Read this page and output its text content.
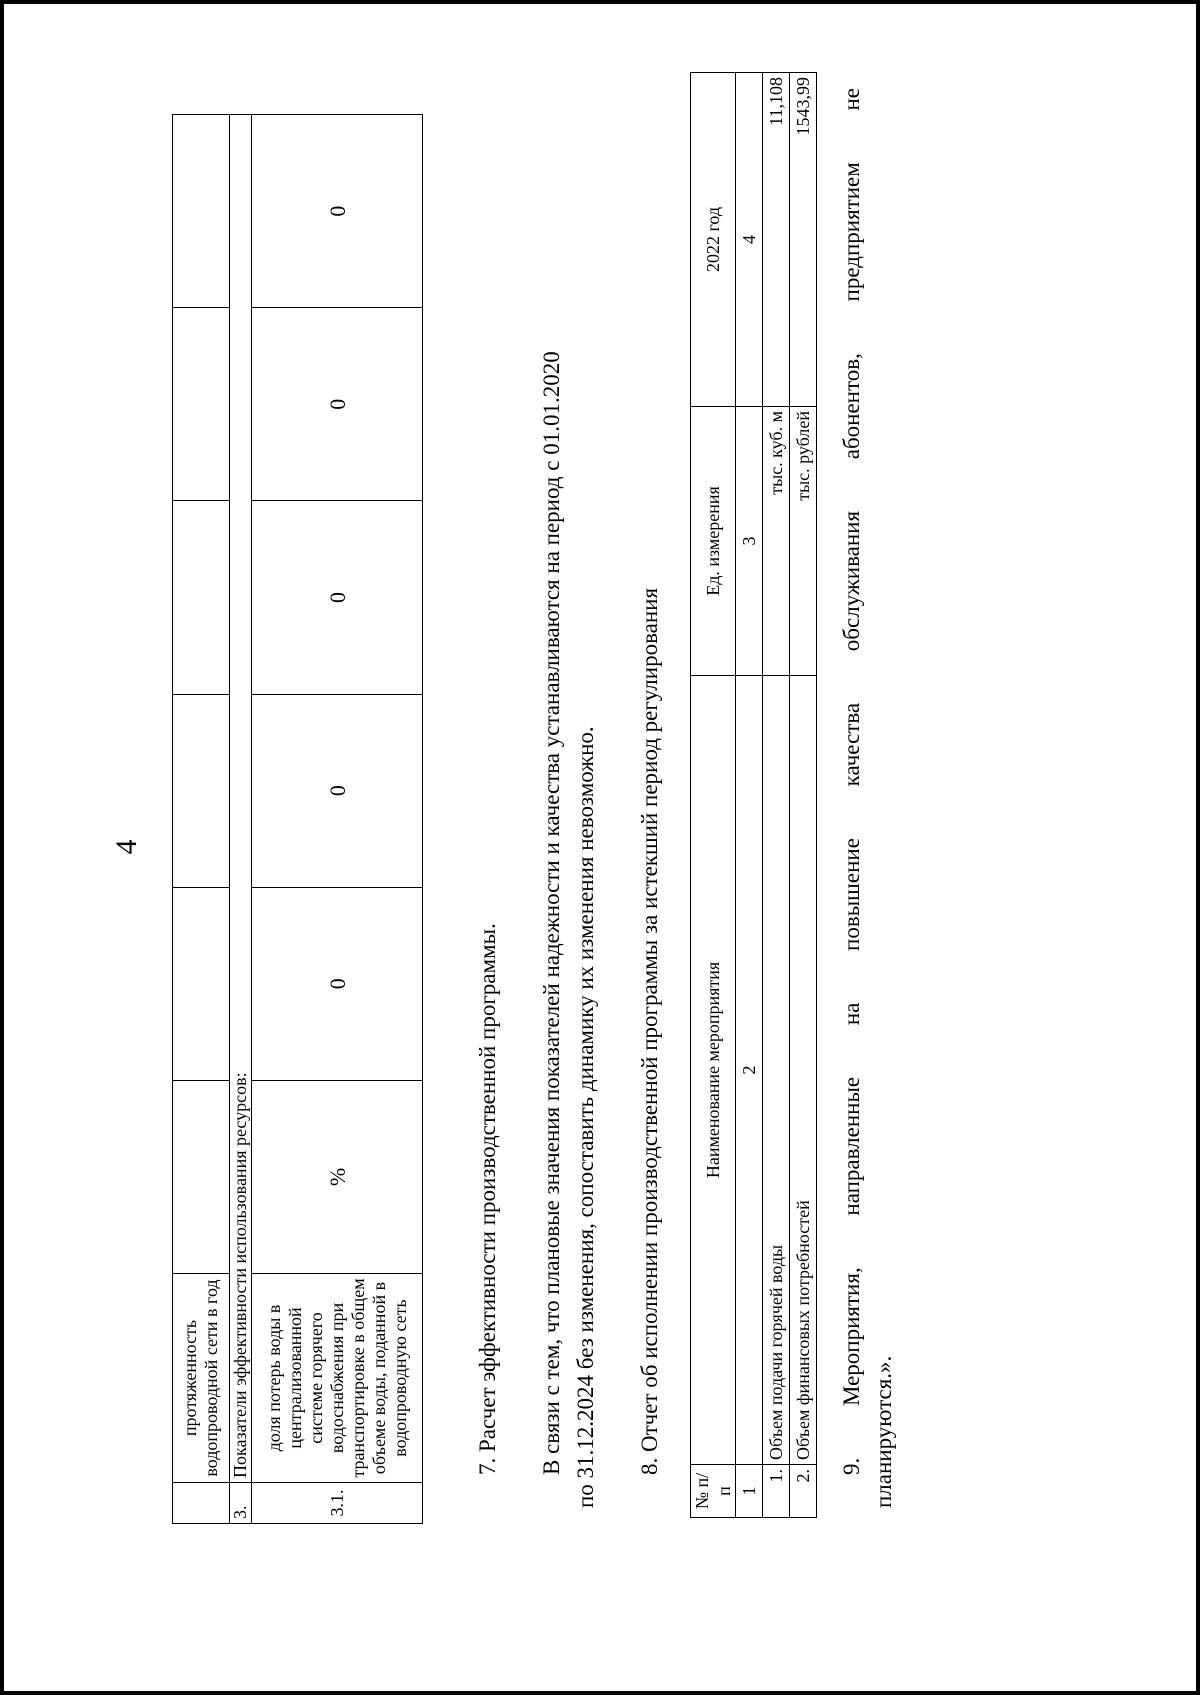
4
	протяженность водопроводной сети в год						
3.	Показатели эффективности использования ресурсов:						
3.1.	доля потерь воды в централизованной системе горячего водоснабжения при транспортировке в общем объеме воды, поданной в водопроводную сеть	%	0	0	0	0	0
7. Расчет эффективности производственной программы. В связи с тем, что плановые значения показателей надежности и качества устанавливаются на период с 01.01.2020 по 31.12.2024 без изменения, сопоставить динамику их изменения невозможно. 8. Отчет об исполнении производственной программы за истекший период регулирования
№ п/п	Наименование мероприятия	Ед. измерения	2022 год
1	2	3	4
1.	Объем подачи горячей воды	тыс. куб. м	11,108
2.	Объем финансовых потребностей	тыс. рублей	1543,99 9. Мероприятия, направленные на повышение качества обслуживания абонентов, предприятием не планируются.».
